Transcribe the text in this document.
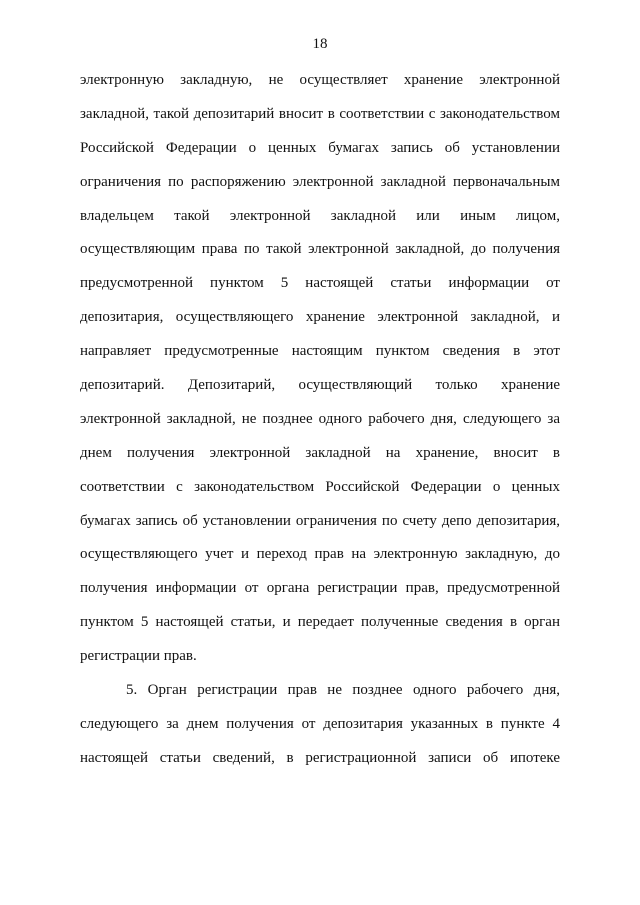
18
электронную закладную, не осуществляет хранение электронной
закладной, такой депозитарий вносит в соответствии с законодательством
Российской Федерации о ценных бумагах запись об установлении
ограничения по распоряжению электронной закладной первоначальным
владельцем такой электронной закладной или иным лицом,
осуществляющим права по такой электронной закладной, до получения
предусмотренной пунктом 5 настоящей статьи информации от
депозитария, осуществляющего хранение электронной закладной, и
направляет предусмотренные настоящим пунктом сведения в этот
депозитарий. Депозитарий, осуществляющий только хранение
электронной закладной, не позднее одного рабочего дня, следующего за
днем получения электронной закладной на хранение, вносит в
соответствии с законодательством Российской Федерации о ценных
бумагах запись об установлении ограничения по счету депо депозитария,
осуществляющего учет и переход прав на электронную закладную, до
получения информации от органа регистрации прав, предусмотренной
пунктом 5 настоящей статьи, и передает полученные сведения в орган
регистрации прав.
5. Орган регистрации прав не позднее одного рабочего дня,
следующего за днем получения от депозитария указанных в пункте 4
настоящей статьи сведений, в регистрационной записи об ипотеке
